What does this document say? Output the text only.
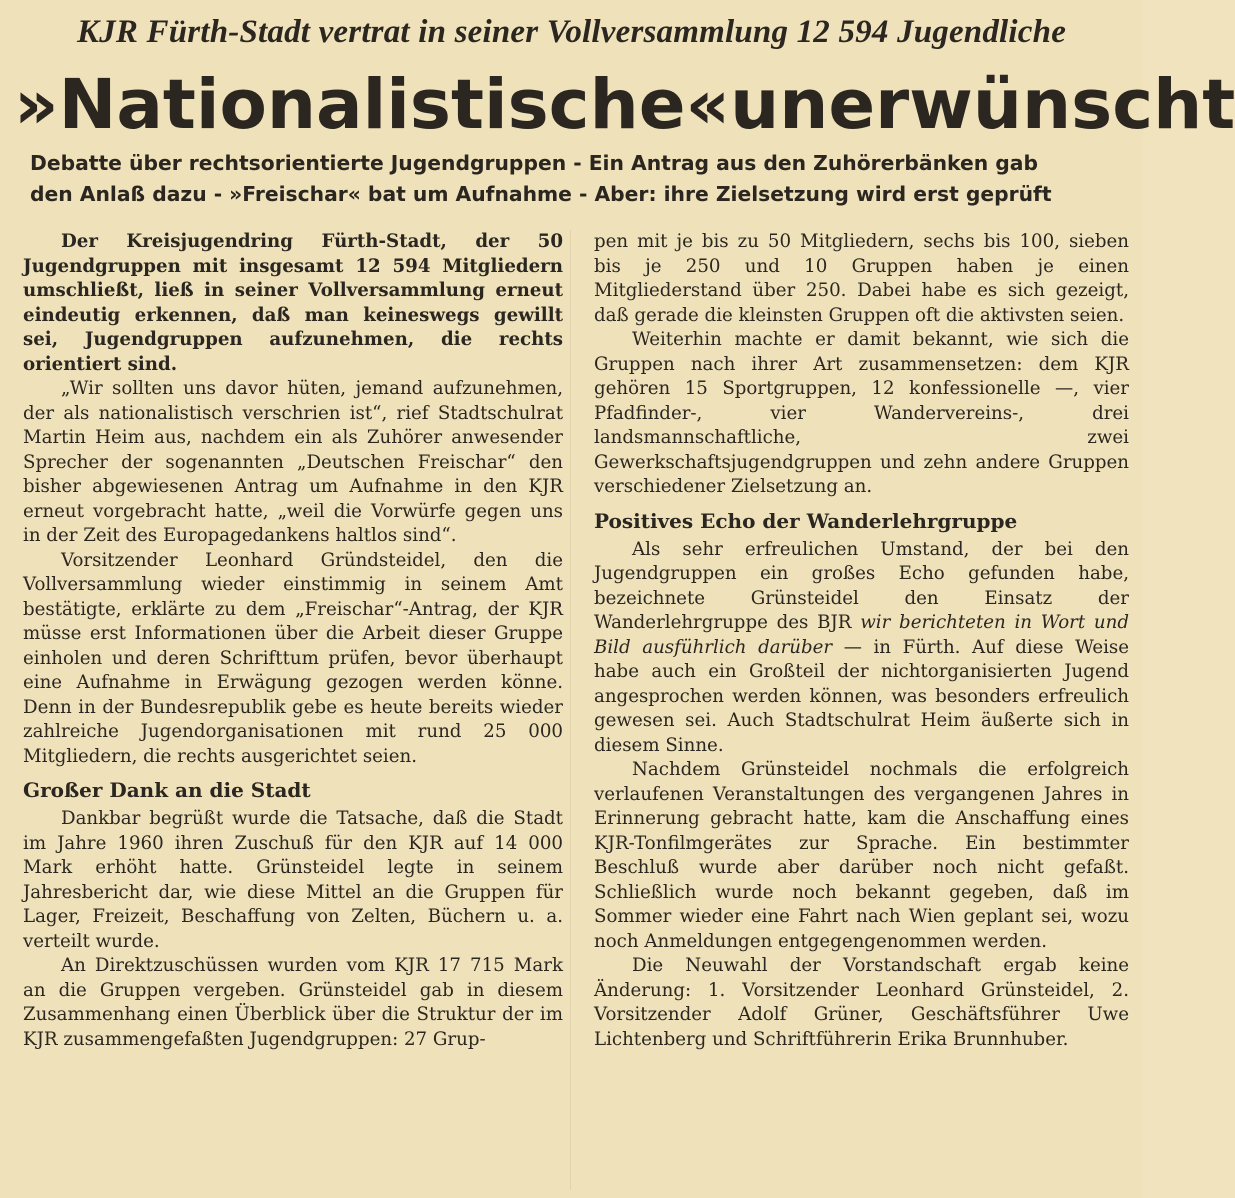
KJR Fürth-Stadt vertrat in seiner Vollversammlung 12 594 Jugendliche
»Nationalistische« unerwünscht
Debatte über rechtsorientierte Jugendgruppen - Ein Antrag aus den Zuhörerbänken gab
den Anlaß dazu - »Freischar« bat um Aufnahme - Aber: ihre Zielsetzung wird erst geprüft

Der Kreisjugendring Fürth-Stadt, der 50 Jugendgruppen mit insgesamt 12 594 Mitgliedern umschließt, ließ in seiner Vollversammlung erneut eindeutig erkennen, daß man keineswegs gewillt sei, Jugendgruppen aufzunehmen, die rechts orientiert sind.

„Wir sollten uns davor hüten, jemand aufzunehmen, der als nationalistisch verschrien ist“, rief Stadtschulrat Martin Heim aus, nachdem ein als Zuhörer anwesender Sprecher der sogenannten „Deutschen Freischar“ den bisher abgewiesenen Antrag um Aufnahme in den KJR erneut vorgebracht hatte, „weil die Vorwürfe gegen uns in der Zeit des Europagedankens haltlos sind“.

Vorsitzender Leonhard Gründsteidel, den die Vollversammlung wieder einstimmig in seinem Amt bestätigte, erklärte zu dem „Freischar“-Antrag, der KJR müsse erst Informationen über die Arbeit dieser Gruppe einholen und deren Schrifttum prüfen, bevor überhaupt eine Aufnahme in Erwägung gezogen werden könne. Denn in der Bundesrepublik gebe es heute bereits wieder zahlreiche Jugendorganisationen mit rund 25 000 Mitgliedern, die rechts ausgerichtet seien.

Großer Dank an die Stadt

Dankbar begrüßt wurde die Tatsache, daß die Stadt im Jahre 1960 ihren Zuschuß für den KJR auf 14 000 Mark erhöht hatte. Grünsteidel legte in seinem Jahresbericht dar, wie diese Mittel an die Gruppen für Lager, Freizeit, Beschaffung von Zelten, Büchern u. a. verteilt wurde.

An Direktzuschüssen wurden vom KJR 17 715 Mark an die Gruppen vergeben. Grünsteidel gab in diesem Zusammenhang einen Überblick über die Struktur der im KJR zusammengefaßten Jugendgruppen: 27 Grup-

pen mit je bis zu 50 Mitgliedern, sechs bis 100, sieben bis je 250 und 10 Gruppen haben je einen Mitgliederstand über 250. Dabei habe es sich gezeigt, daß gerade die kleinsten Gruppen oft die aktivsten seien.

Weiterhin machte er damit bekannt, wie sich die Gruppen nach ihrer Art zusammensetzen: dem KJR gehören 15 Sportgruppen, 12 konfessionelle —, vier Pfadfinder-, vier Wandervereins-, drei landsmannschaftliche, zwei Gewerkschaftsjugendgruppen und zehn andere Gruppen verschiedener Zielsetzung an.

Positives Echo der Wanderlehrgruppe

Als sehr erfreulichen Umstand, der bei den Jugendgruppen ein großes Echo gefunden habe, bezeichnete Grünsteidel den Einsatz der Wanderlehrgruppe des BJR wir berichteten in Wort und Bild ausführlich darüber — in Fürth. Auf diese Weise habe auch ein Großteil der nichtorganisierten Jugend angesprochen werden können, was besonders erfreulich gewesen sei. Auch Stadtschulrat Heim äußerte sich in diesem Sinne.

Nachdem Grünsteidel nochmals die erfolgreich verlaufenen Veranstaltungen des vergangenen Jahres in Erinnerung gebracht hatte, kam die Anschaffung eines KJR-Tonfilmgerätes zur Sprache. Ein bestimmter Beschluß wurde aber darüber noch nicht gefaßt. Schließlich wurde noch bekannt gegeben, daß im Sommer wieder eine Fahrt nach Wien geplant sei, wozu noch Anmeldungen entgegengenommen werden.

Die Neuwahl der Vorstandschaft ergab keine Änderung: 1. Vorsitzender Leonhard Grünsteidel, 2. Vorsitzender Adolf Grüner, Geschäftsführer Uwe Lichtenberg und Schriftführerin Erika Brunnhuber.
